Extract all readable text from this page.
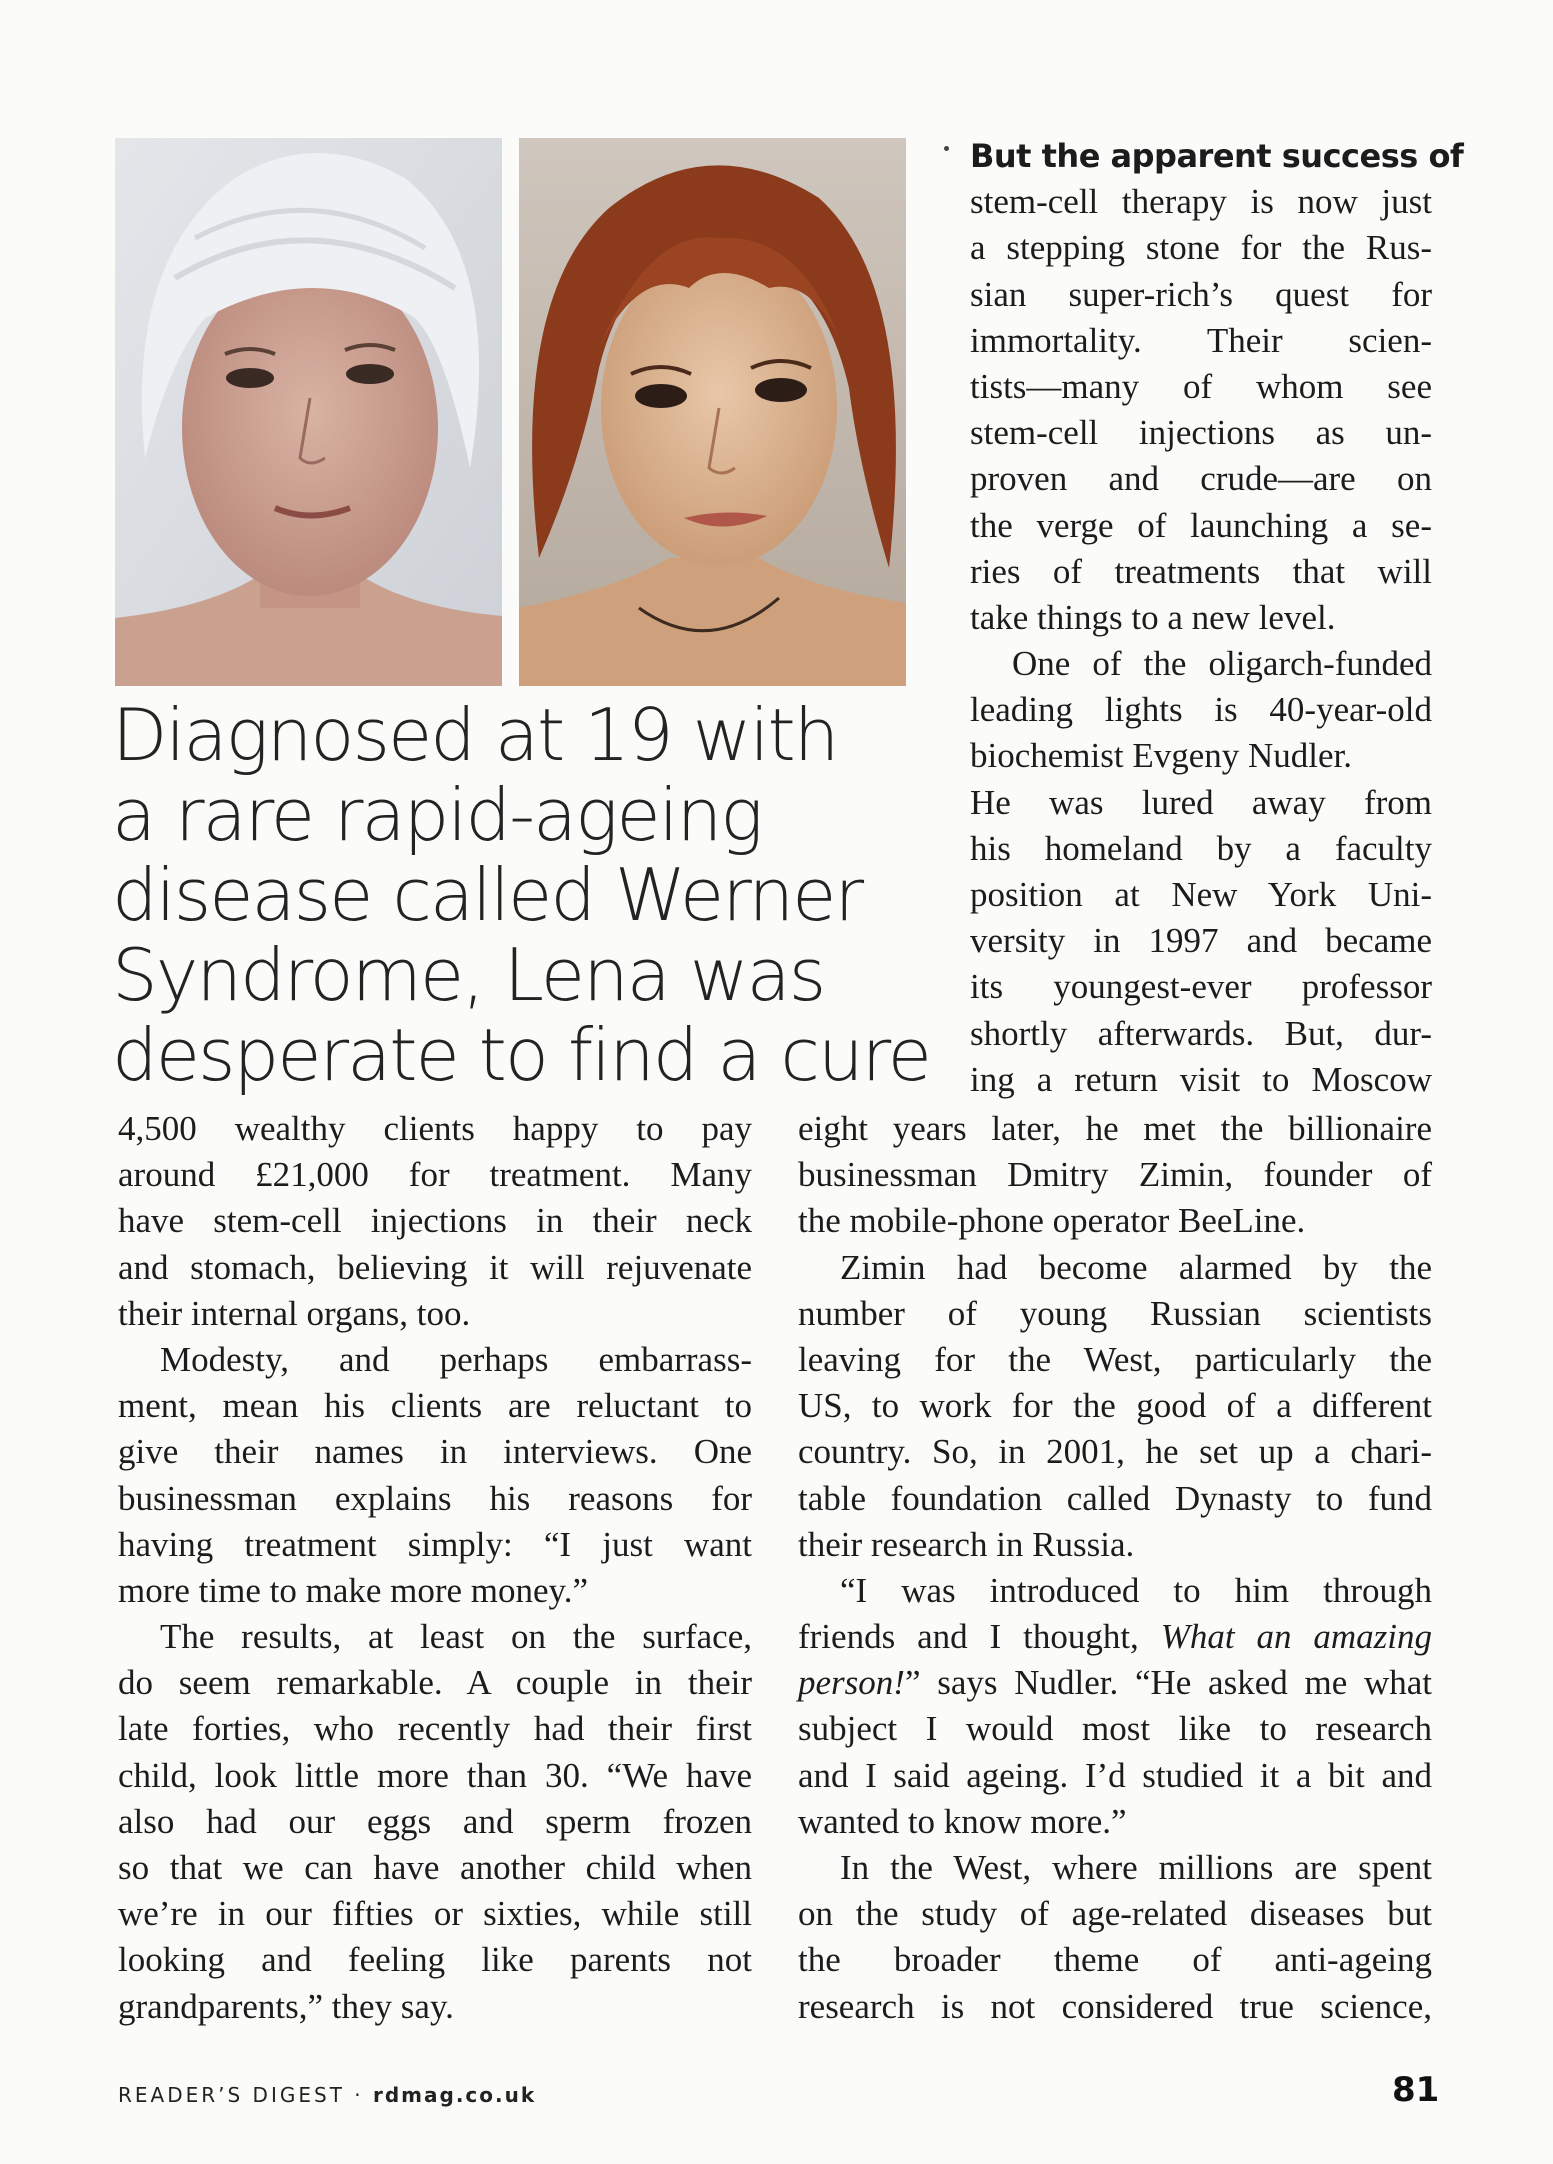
Diagnosed at 19 with
a rare rapid-ageing
disease called Werner
Syndrome, Lena was
desperate to find a cure
But the apparent success of
stem-cell therapy is now just
a stepping stone for the Rus-
sian super-rich’s quest for
immortality. Their scien-
tists—many of whom see
stem-cell injections as un-
proven and crude—are on
the verge of launching a se-
ries of treatments that will
take things to a new level.
One of the oligarch-funded
leading lights is 40-year-old
biochemist Evgeny Nudler.
He was lured away from
his homeland by a faculty
position at New York Uni-
versity in 1997 and became
its youngest-ever professor
shortly afterwards. But, dur-
ing a return visit to Moscow
4,500 wealthy clients happy to pay
around £21,000 for treatment. Many
have stem-cell injections in their neck
and stomach, believing it will rejuvenate
their internal organs, too.
Modesty, and perhaps embarrass-
ment, mean his clients are reluctant to
give their names in interviews. One
businessman explains his reasons for
having treatment simply: “I just want
more time to make more money.”
The results, at least on the surface,
do seem remarkable. A couple in their
late forties, who recently had their first
child, look little more than 30. “We have
also had our eggs and sperm frozen
so that we can have another child when
we’re in our fifties or sixties, while still
looking and feeling like parents not
grandparents,” they say.
eight years later, he met the billionaire
businessman Dmitry Zimin, founder of
the mobile-phone operator BeeLine.
Zimin had become alarmed by the
number of young Russian scientists
leaving for the West, particularly the
US, to work for the good of a different
country. So, in 2001, he set up a chari-
table foundation called Dynasty to fund
their research in Russia.
“I was introduced to him through
friends and I thought, What an amazing
person!” says Nudler. “He asked me what
subject I would most like to research
and I said ageing. I’d studied it a bit and
wanted to know more.”
In the West, where millions are spent
on the study of age-related diseases but
the broader theme of anti-ageing
research is not considered true science,
READER’S DIGEST · rdmag.co.uk	81
